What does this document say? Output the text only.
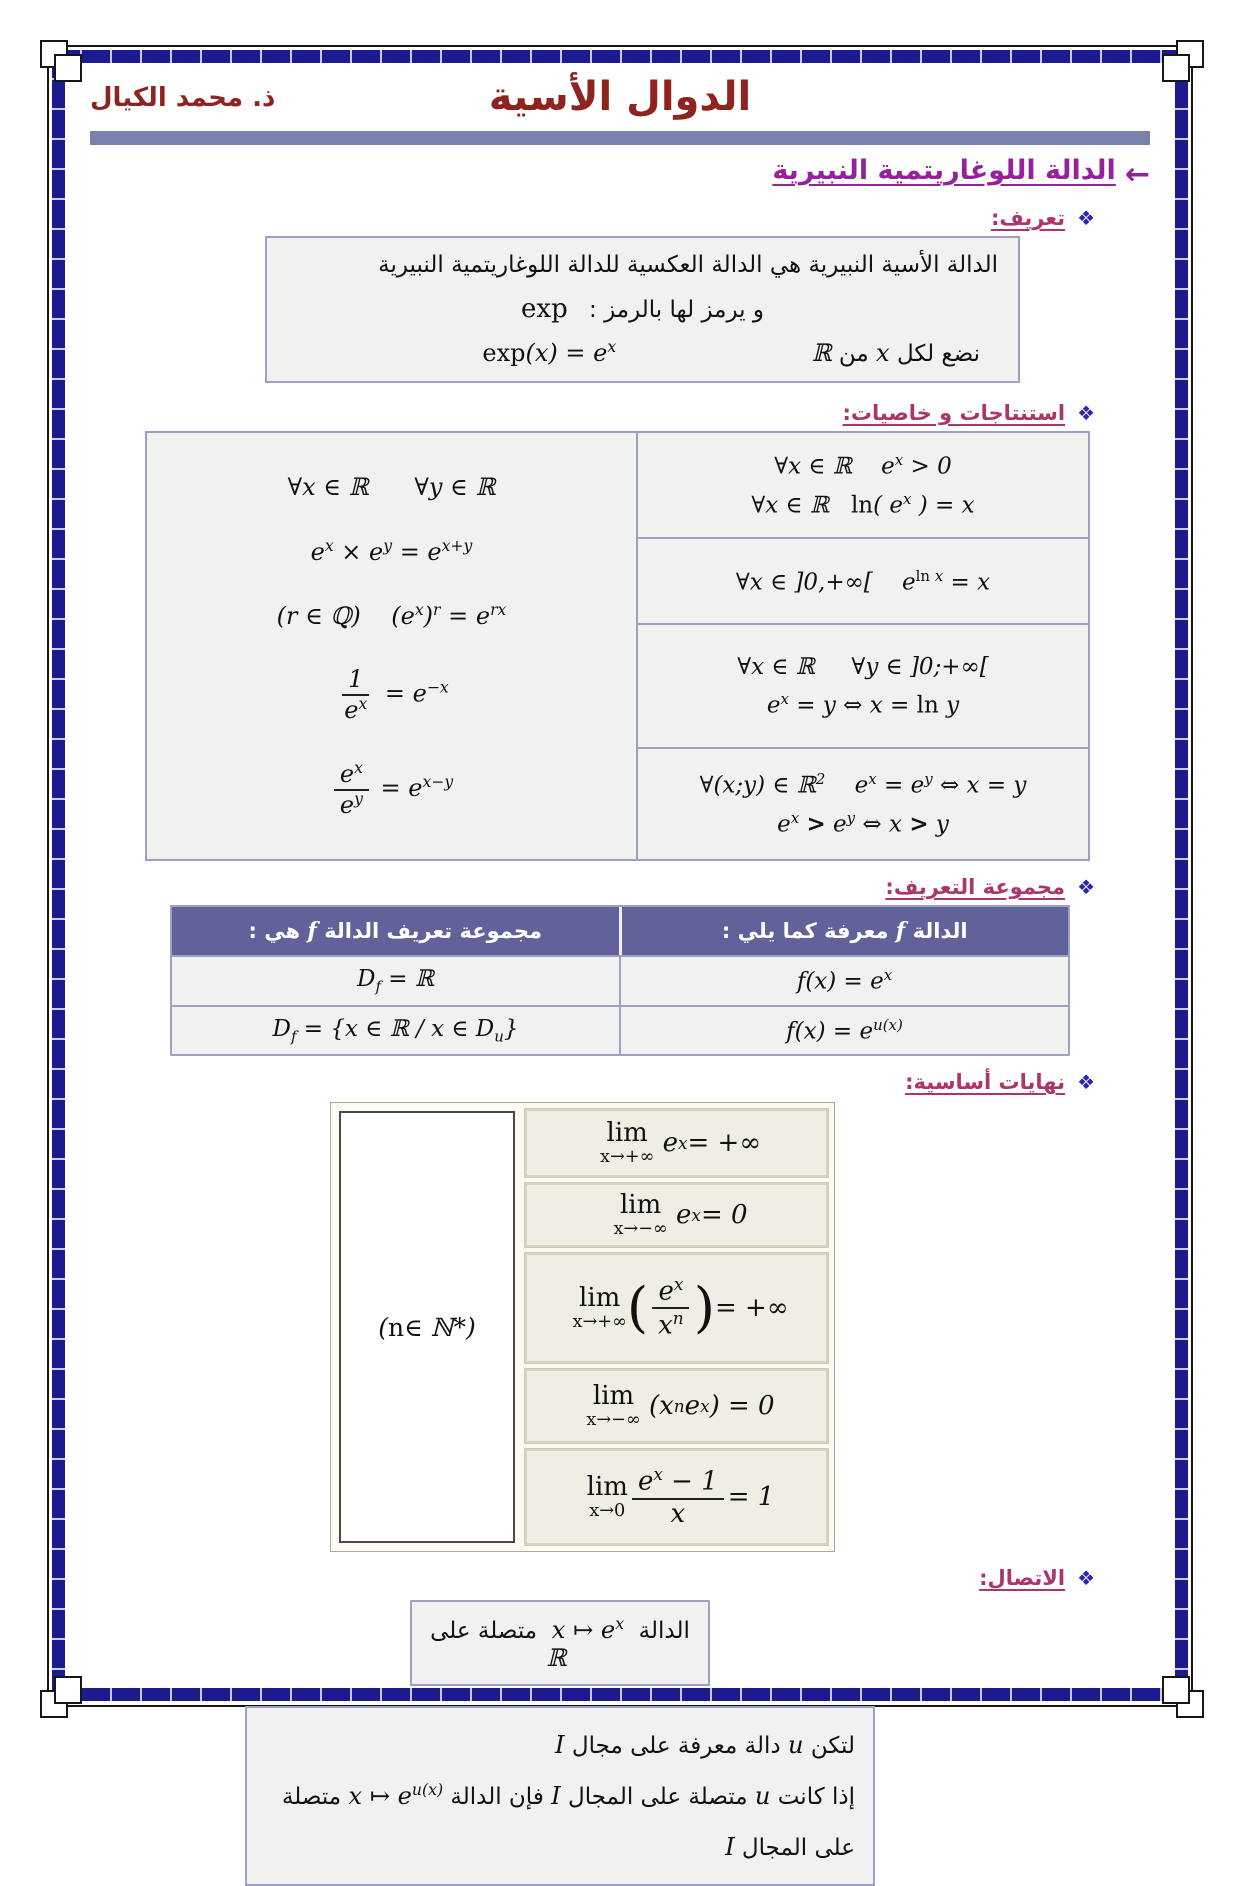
ذ. محمد الكيال	الدوال الأسية
← الدالة اللوغاريتمية النبيرية
❖
تعريف:
الدالة الأسية النبيرية هي الدالة العكسية للدالة اللوغاريتمية النبيرية
و يرمز لها بالرمز : exp
نضع لكل x من ℝ
$\exp(x) = e^x$
❖
استنتاجات و خاصيات:
∀x ∈ ℝ      ∀y ∈ ℝ
$e^x \times e^y = e^{x+y}$
(r ∈ ℚ)    $(e^x)^r = e^{rx}$
$\frac{1}{e^x} = e^{-x}$
$\frac{e^x}{e^y} = e^{x-y}$
∀x ∈ ℝ    $e^x > 0$
∀x ∈ ℝ   ln( $e^x$ ) = x
∀x ∈ ]0,+∞[    $e^{ln x} = x$
∀x ∈ ℝ     ∀y ∈ ]0;+∞[
$e^x = y$ ⇔ x = ln y
∀(x;y) ∈ ℝ$^2$    $e^x = e^y$ ⇔ x = y
$e^x > e^y$ ⇔ x > y
❖
مجموعة التعريف:
الدالة f معرفة كما يلي :
مجموعة تعريف الدالة f هي :
$f(x) = e^x$
$D_f$ = ℝ
$f(x) = e^{u(x)}$
$D_f = \{x$ ∈ ℝ / x ∈ $D_u$}
❖
نهايات أساسية:
( n ∈ ℕ*)
lim
x→+∞ e x = +∞
lim
x→−∞ e x = 0
lim
x→+∞ ( $\frac{e^x}{x^n}$ ) = +∞
lim
x→−∞ (x n e x ) = 0
lim
$x\to 0 \frac{e^x - 1}{x} = 1$
❖
الاتصال:
الدالة  x ↦ $e^x$  متصلة على  ℝ
لتكن u دالة معرفة على مجال I
إذا كانت u متصلة على المجال I فإن الدالة x ↦ $e^{u(x)}$ متصلة على المجال I
